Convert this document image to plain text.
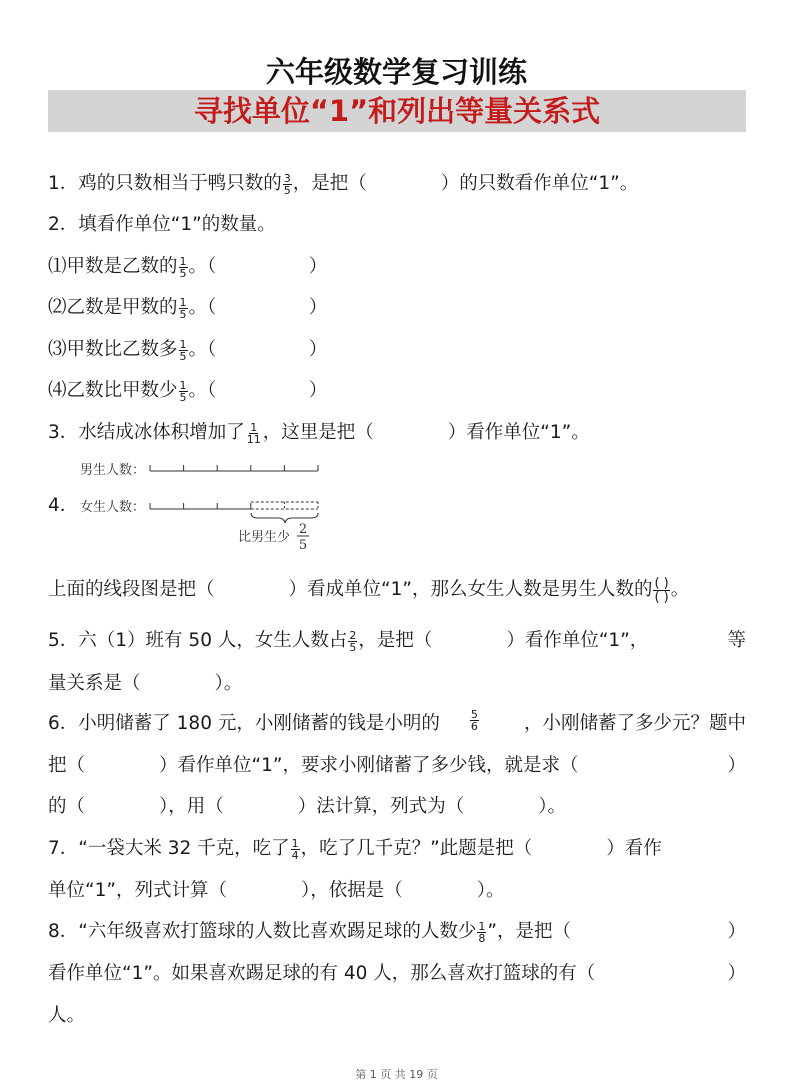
六年级数学复习训练
寻找单位“1”和列出等量关系式
1．鸡的只数相当于鸭只数的 $\frac{3}{5}$ ，是把（　　　　）的只数看作单位“1”。
2．填看作单位“1”的数量。
⑴甲数是乙数的 $\frac{1}{5}$ 。（　　　　　）
⑵乙数是甲数的 $\frac{1}{5}$ 。（　　　　　）
⑶甲数比乙数多 $\frac{1}{5}$ 。（　　　　　）
⑷乙数比甲数少 $\frac{1}{5}$ 。（　　　　　）
3．水结成冰体积增加了 $\frac{1}{11}$ ，这里是把（　　　　）看作单位“1”。
4．
男生人数：
女生人数：
比男生少
2
5
上面的线段图是把（　　　　）看成单位“1”，那么女生人数是男生人数的 $\frac{( )}{( )}$ 。
5．六（1）班有 50 人，女生人数占 $\frac{2}{5}$ ，是把（　　　　）看作单位“1”，	等
量关系是（　　　　）。
6．小明储蓄了 180 元，小刚储蓄的钱是小明的	$\frac{5}{6}$ ，小刚储蓄了多少元？题中
把（　　　　）看作单位“1”，要求小刚储蓄了多少钱，就是求（	）
的（　　　　），用（　　　　）法计算，列式为（　　　　）。
7．“一袋大米 32 千克，吃了 $\frac{1}{4}$ ，吃了几千克？”此题是把（　　　　）看作
单位“1”，列式计算（　　　　），依据是（　　　　）。
8．“六年级喜欢打篮球的人数比喜欢踢足球的人数少 $\frac{1}{8}$ ”，是把（	）
看作单位“1”。如果喜欢踢足球的有 40 人，那么喜欢打篮球的有（	）
人。
第 1 页 共 19 页
